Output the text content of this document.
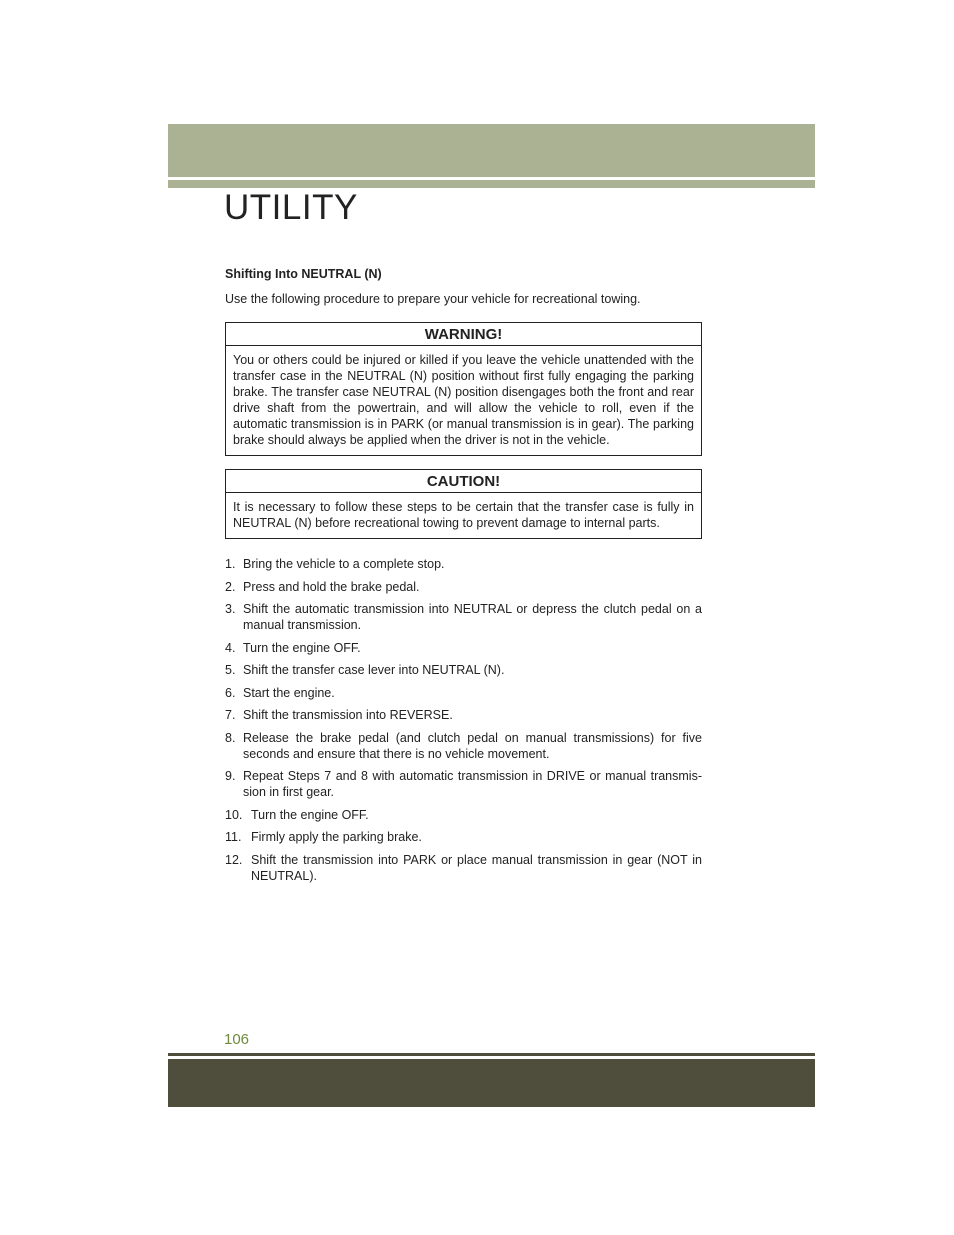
UTILITY
Shifting Into NEUTRAL (N)
Use the following procedure to prepare your vehicle for recreational towing.
WARNING!
You or others could be injured or killed if you leave the vehicle unattended with the transfer case in the NEUTRAL (N) position without first fully engaging the parking brake. The transfer case NEUTRAL (N) position disengages both the front and rear drive shaft from the powertrain, and will allow the vehicle to roll, even if the automatic transmission is in PARK (or manual transmission is in gear). The parking brake should always be applied when the driver is not in the vehicle.
CAUTION!
It is necessary to follow these steps to be certain that the transfer case is fully in NEUTRAL (N) before recreational towing to prevent damage to internal parts.
1. Bring the vehicle to a complete stop.
2. Press and hold the brake pedal.
3. Shift the automatic transmission into NEUTRAL or depress the clutch pedal on a manual transmission.
4. Turn the engine OFF.
5. Shift the transfer case lever into NEUTRAL (N).
6. Start the engine.
7. Shift the transmission into REVERSE.
8. Release the brake pedal (and clutch pedal on manual transmissions) for five seconds and ensure that there is no vehicle movement.
9. Repeat Steps 7 and 8 with automatic transmission in DRIVE or manual transmis-sion in first gear.
10. Turn the engine OFF.
11. Firmly apply the parking brake.
12. Shift the transmission into PARK or place manual transmission in gear (NOT in NEUTRAL).
106
